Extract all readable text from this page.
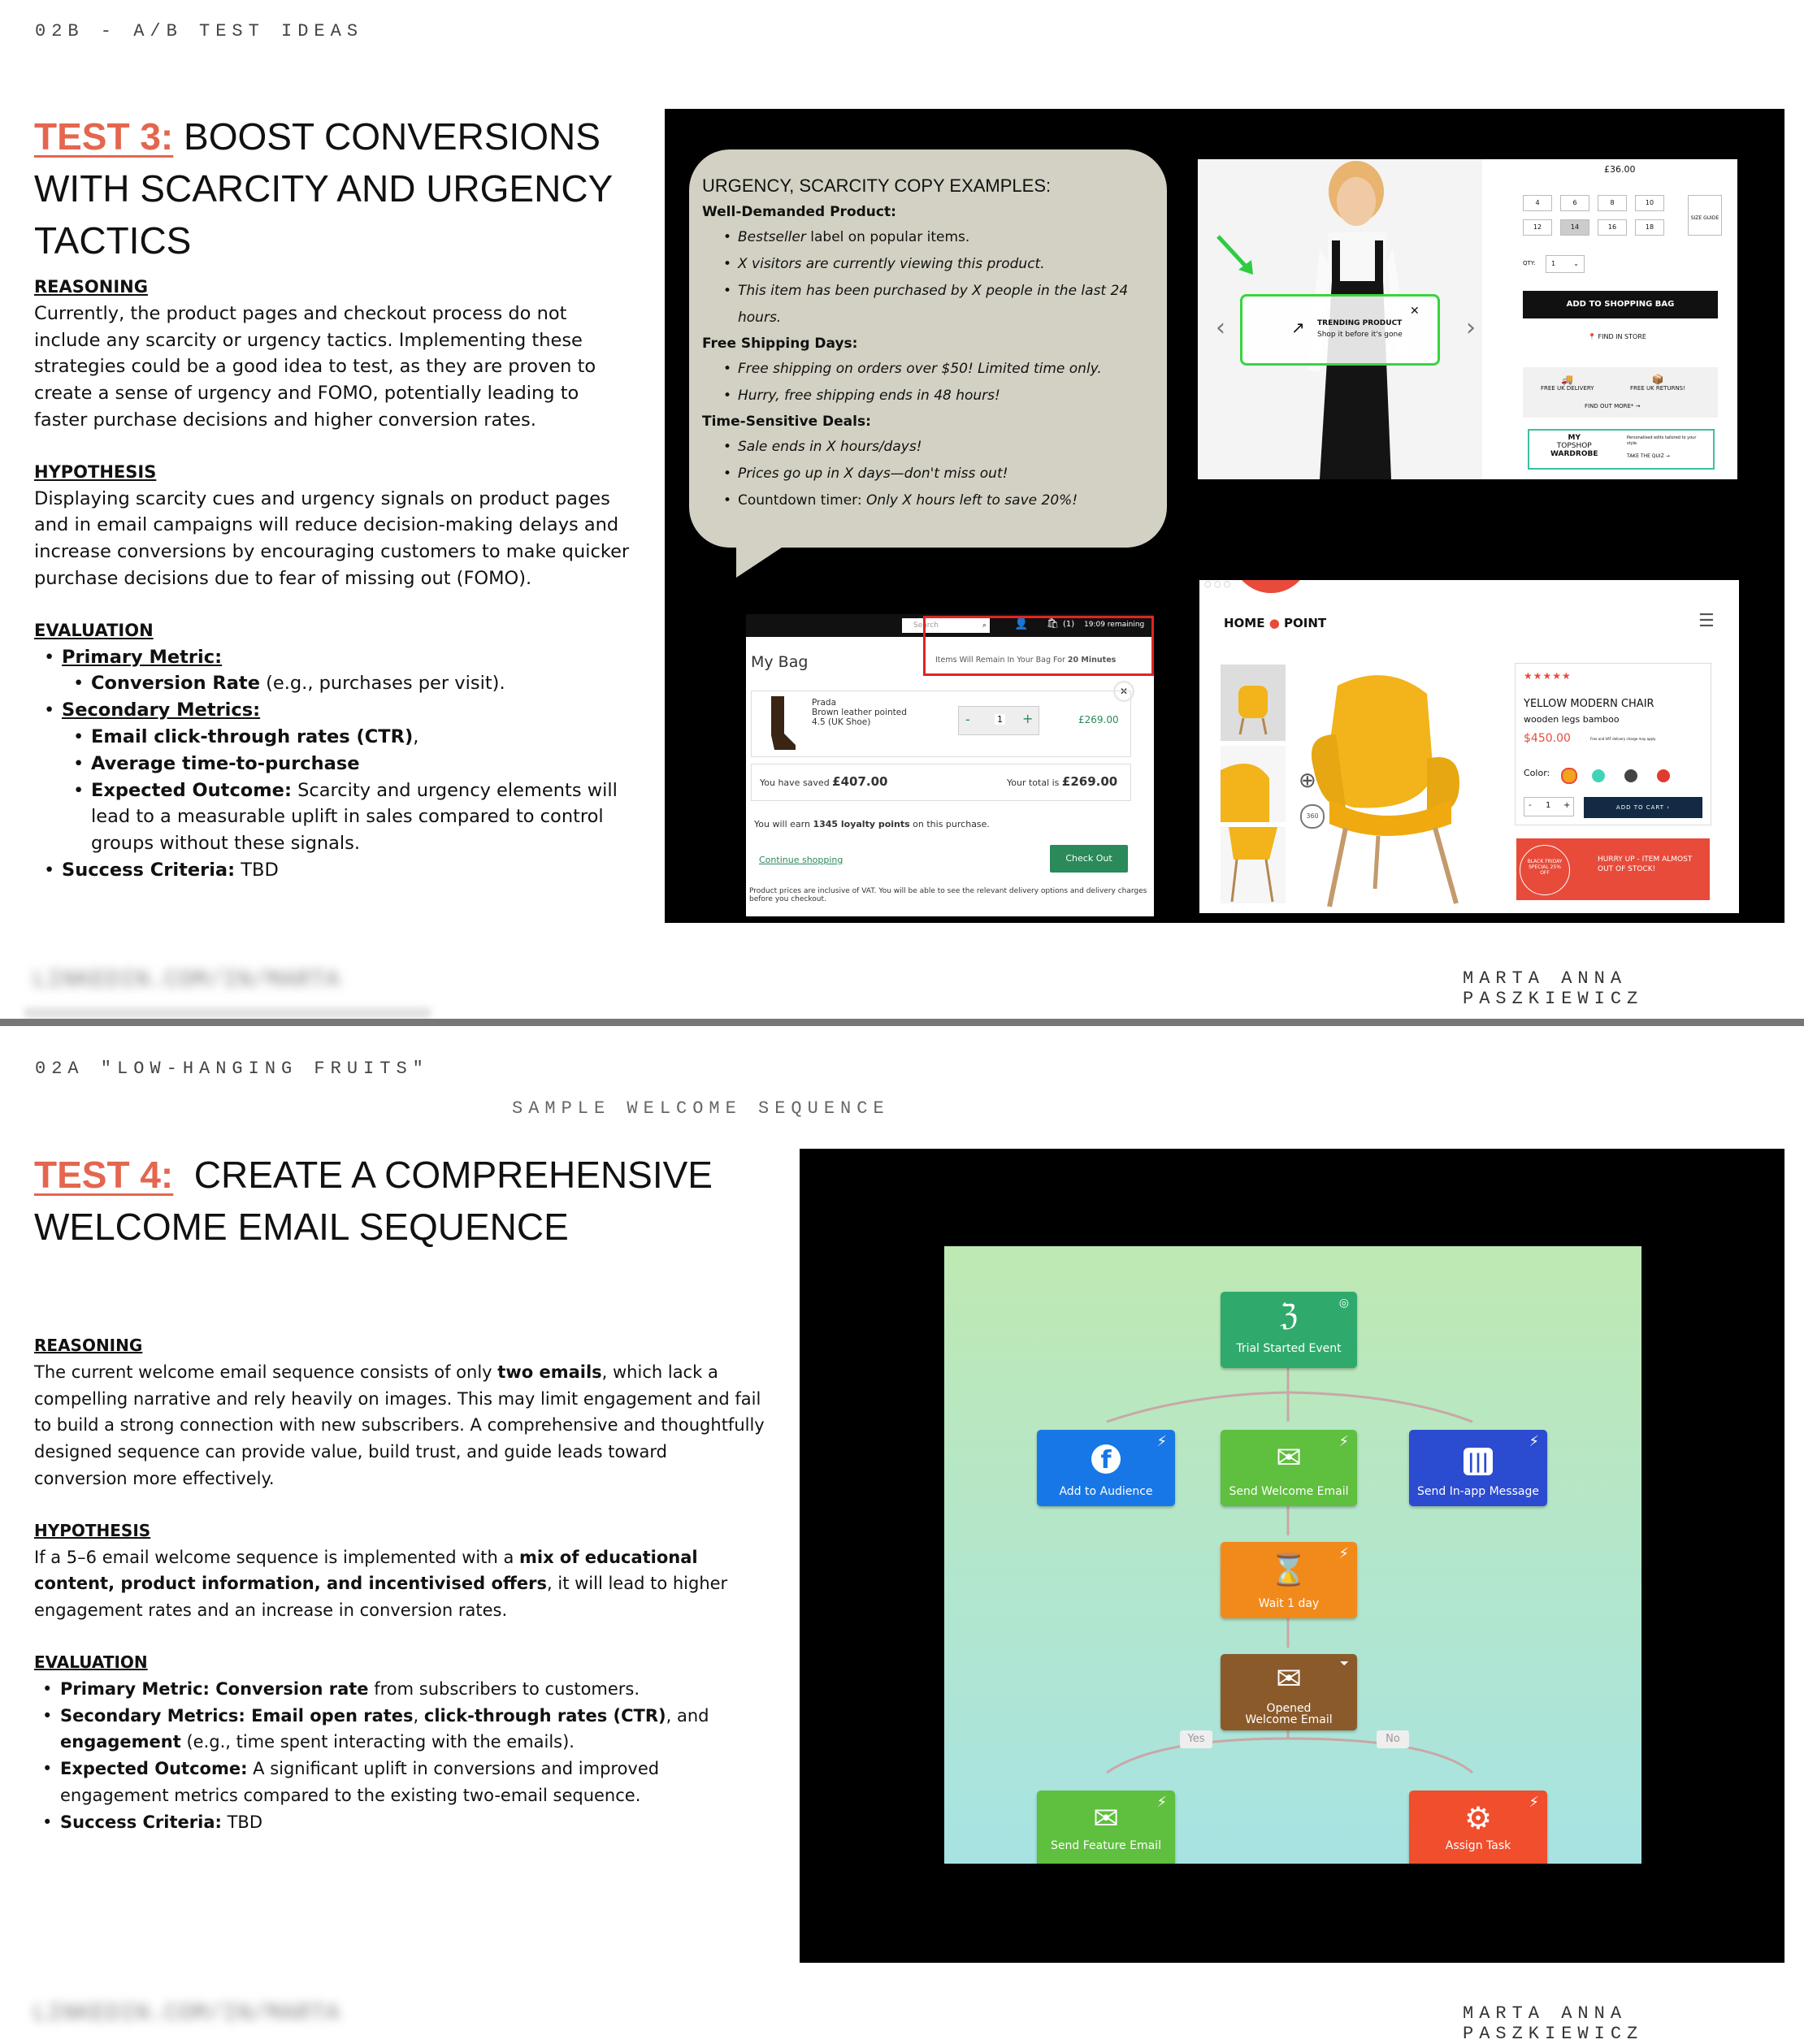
02B - A/B TEST IDEAS
TEST 3: BOOST CONVERSIONS
WITH SCARCITY AND URGENCY
TACTICS
REASONING
Currently, the product pages and checkout process do not include any scarcity or urgency tactics. Implementing these strategies could be a good idea to test, as they are proven to create a sense of urgency and FOMO, potentially leading to faster purchase decisions and higher conversion rates.
HYPOTHESIS
Displaying scarcity cues and urgency signals on product pages and in email campaigns will reduce decision-making delays and increase conversions by encouraging customers to make quicker purchase decisions due to fear of missing out (FOMO).
EVALUATION
• Primary Metric:
• Conversion Rate (e.g., purchases per visit).
• Secondary Metrics:
• Email click-through rates (CTR),
• Average time-to-purchase
• Expected Outcome: Scarcity and urgency elements will lead to a measurable uplift in sales compared to control groups without these signals.
• Success Criteria: TBD
URGENCY, SCARCITY COPY EXAMPLES:
Well-Demanded Product:
• Bestseller label on popular items.
• X visitors are currently viewing this product.
• This item has been purchased by X people in the last 24 hours.
Free Shipping Days:
• Free shipping on orders over $50! Limited time only.
• Hurry, free shipping ends in 48 hours!
Time-Sensitive Deals:
• Sale ends in X hours/days!
• Prices go up in X days—don't miss out!
• Countdown timer: Only X hours left to save 20%!
‹	›
↗ TRENDING PRODUCT
Shop it before it's gone
✕
£36.00
4	6	8	10
12	14	16	18
SIZE GUIDE
QTY:	1	⌄
ADD TO SHOPPING BAG
📍 FIND IN STORE
🚚
FREE UK DELIVERY
📦
FREE UK RETURNS!
FIND OUT MORE* →
MY
TOPSHOP
WARDROBE
Personalised edits tailored to your style.
TAKE THE QUIZ →
Search	⌕ 👤 🛍 (1) 19:09 remaining
Items Will Remain In Your Bag For 20 Minutes
My Bag
✕
Prada
Brown leather pointed
4.5 (UK Shoe)	-	1 +	£269.00
You have saved £407.00	Your total is £269.00
You will earn 1345 loyalty points on this purchase.
Continue shopping	Check Out
Product prices are inclusive of VAT. You will be able to see the relevant delivery options and delivery charges before you checkout.
○ ○ ○
HOME ● POINT	☰
⊕
360
★★★★★
YELLOW MODERN CHAIR
wooden legs bamboo
$450.00	Free and VAT delivery charge may apply
Color:
- 1 +	ADD TO CART ›
BLACK FRIDAY SPECIAL 25% OFF
HURRY UP - ITEM ALMOST OUT OF STOCK!
LINKEDIN.COM/IN/MARTA	MARTA ANNA PASZKIEWICZ
02A "LOW-HANGING FRUITS"
SAMPLE WELCOME SEQUENCE
TEST 4:  CREATE A COMPREHENSIVE
WELCOME EMAIL SEQUENCE
REASONING
The current welcome email sequence consists of only two emails, which lack a compelling narrative and rely heavily on images. This may limit engagement and fail to build a strong connection with new subscribers. A comprehensive and thoughtfully designed sequence can provide value, build trust, and guide leads toward conversion more effectively.
HYPOTHESIS
If a 5–6 email welcome sequence is implemented with a mix of educational content, product information, and incentivised offers, it will lead to higher engagement rates and an increase in conversion rates.
EVALUATION
• Primary Metric: Conversion rate from subscribers to customers.
• Secondary Metrics: Email open rates, click-through rates (CTR), and engagement (e.g., time spent interacting with the emails).
• Expected Outcome: A significant uplift in conversions and improved engagement metrics compared to the existing two-email sequence.
• Success Criteria: TBD
ℨ	◎
Trial Started Event
f
⚡
Add to Audience
✉	⚡
Send Welcome Email
|||
⚡
Send In-app Message
⌛	⚡
Wait 1 day
✉	⏷
Opened
Welcome Email
Yes	No
✉	⚡
Send Feature Email
⚙	⚡
Assign Task
LINKEDIN.COM/IN/MARTA	MARTA ANNA PASZKIEWICZ
